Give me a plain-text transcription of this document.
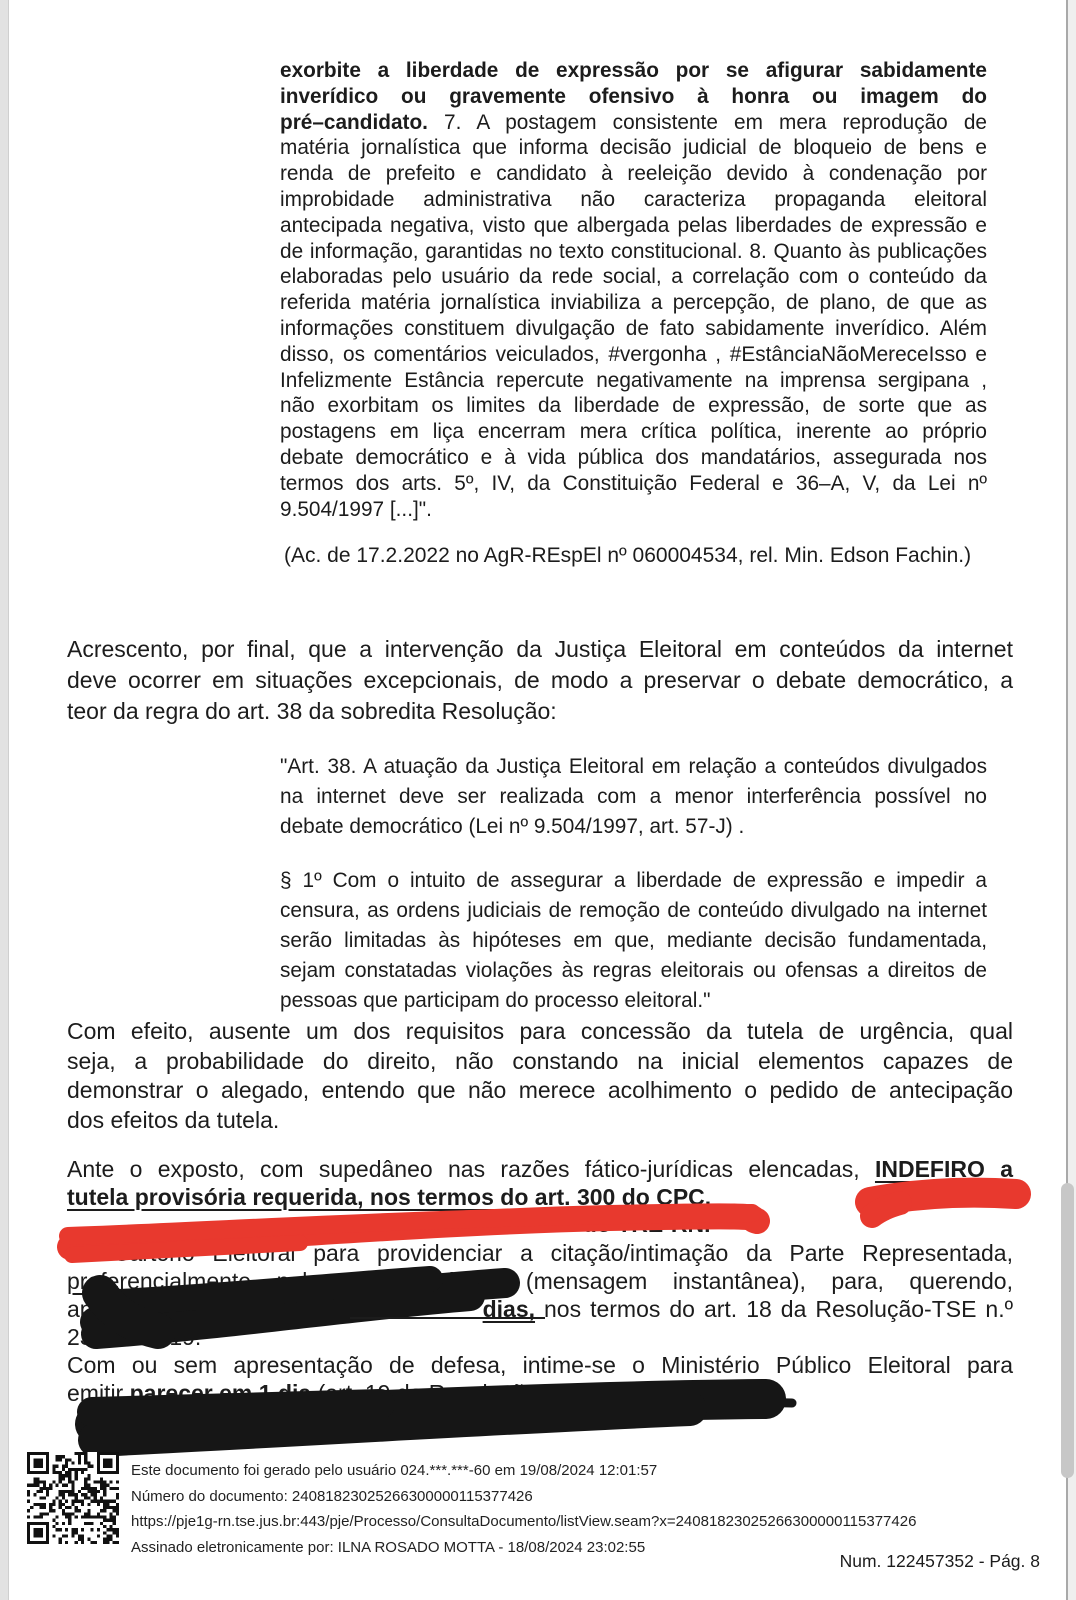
exorbite a liberdade de expressão por se afigurar sabidamente
inverídico ou gravemente ofensivo à honra ou imagem do
pré–candidato. 7. A postagem consistente em mera reprodução de
matéria jornalística que informa decisão judicial de bloqueio de bens e
renda de prefeito e candidato à reeleição devido à condenação por
improbidade administrativa não caracteriza propaganda eleitoral
antecipada negativa, visto que albergada pelas liberdades de expressão e
de informação, garantidas no texto constitucional. 8. Quanto às publicações
elaboradas pelo usuário da rede social, a correlação com o conteúdo da
referida matéria jornalística inviabiliza a percepção, de plano, de que as
informações constituem divulgação de fato sabidamente inverídico. Além
disso, os comentários veiculados, #vergonha , #EstânciaNãoMereceIsso e
Infelizmente Estância repercute negativamente na imprensa sergipana ,
não exorbitam os limites da liberdade de expressão, de sorte que as
postagens em liça encerram mera crítica política, inerente ao próprio
debate democrático e à vida pública dos mandatários, assegurada nos
termos dos arts. 5º, IV, da Constituição Federal e 36–A, V, da Lei nº
9.504/1997 [...]".
(Ac. de 17.2.2022 no AgR-REspEl nº 060004534, rel. Min. Edson Fachin.)
Acrescento, por final, que a intervenção da Justiça Eleitoral em conteúdos da internet
deve ocorrer em situações excepcionais, de modo a preservar o debate democrático, a
teor da regra do art. 38 da sobredita Resolução:
"Art. 38. A atuação da Justiça Eleitoral em relação a conteúdos divulgados
na internet deve ser realizada com a menor interferência possível no
debate democrático (Lei nº 9.504/1997, art. 57-J) .
§ 1º Com o intuito de assegurar a liberdade de expressão e impedir a
censura, as ordens judiciais de remoção de conteúdo divulgado na internet
serão limitadas às hipóteses em que, mediante decisão fundamentada,
sejam constatadas violações às regras eleitorais ou ofensas a direitos de
pessoas que participam do processo eleitoral."
Com efeito, ausente um dos requisitos para concessão da tutela de urgência, qual
seja, a probabilidade do direito, não constando na inicial elementos capazes de
demonstrar o alegado, entendo que não merece acolhimento o pedido de antecipação
dos efeitos da tutela.
Ante o exposto, com supedâneo nas razões fático-jurídicas elencadas, INDEFIRO a
tutela provisória requerida, nos termos do art. 300 do CPC.
ônico do TRE-RN.
Ao Cartório Eleitoral para providenciar a citação/intimação da Parte Representada,
preferencialmente pela via eletrônica (mensagem instantânea), para, querendo,
ap	dias, nos termos do art. 18 da Resolução-TSE n.º
23.608/2019.
Com ou sem apresentação de defesa, intime-se o Ministério Público Eleitoral para
emitir parecer em 1 dia (art. 19 da Resolução TSE n.º 23.608/2019).
Este documento foi gerado pelo usuário 024.***.***-60 em 19/08/2024 12:01:57
Número do documento: 24081823025266300000115377426
https://pje1g-rn.tse.jus.br:443/pje/Processo/ConsultaDocumento/listView.seam?x=24081823025266300000115377426
Assinado eletronicamente por: ILNA ROSADO MOTTA - 18/08/2024 23:02:55
Num. 122457352 - Pág. 8
